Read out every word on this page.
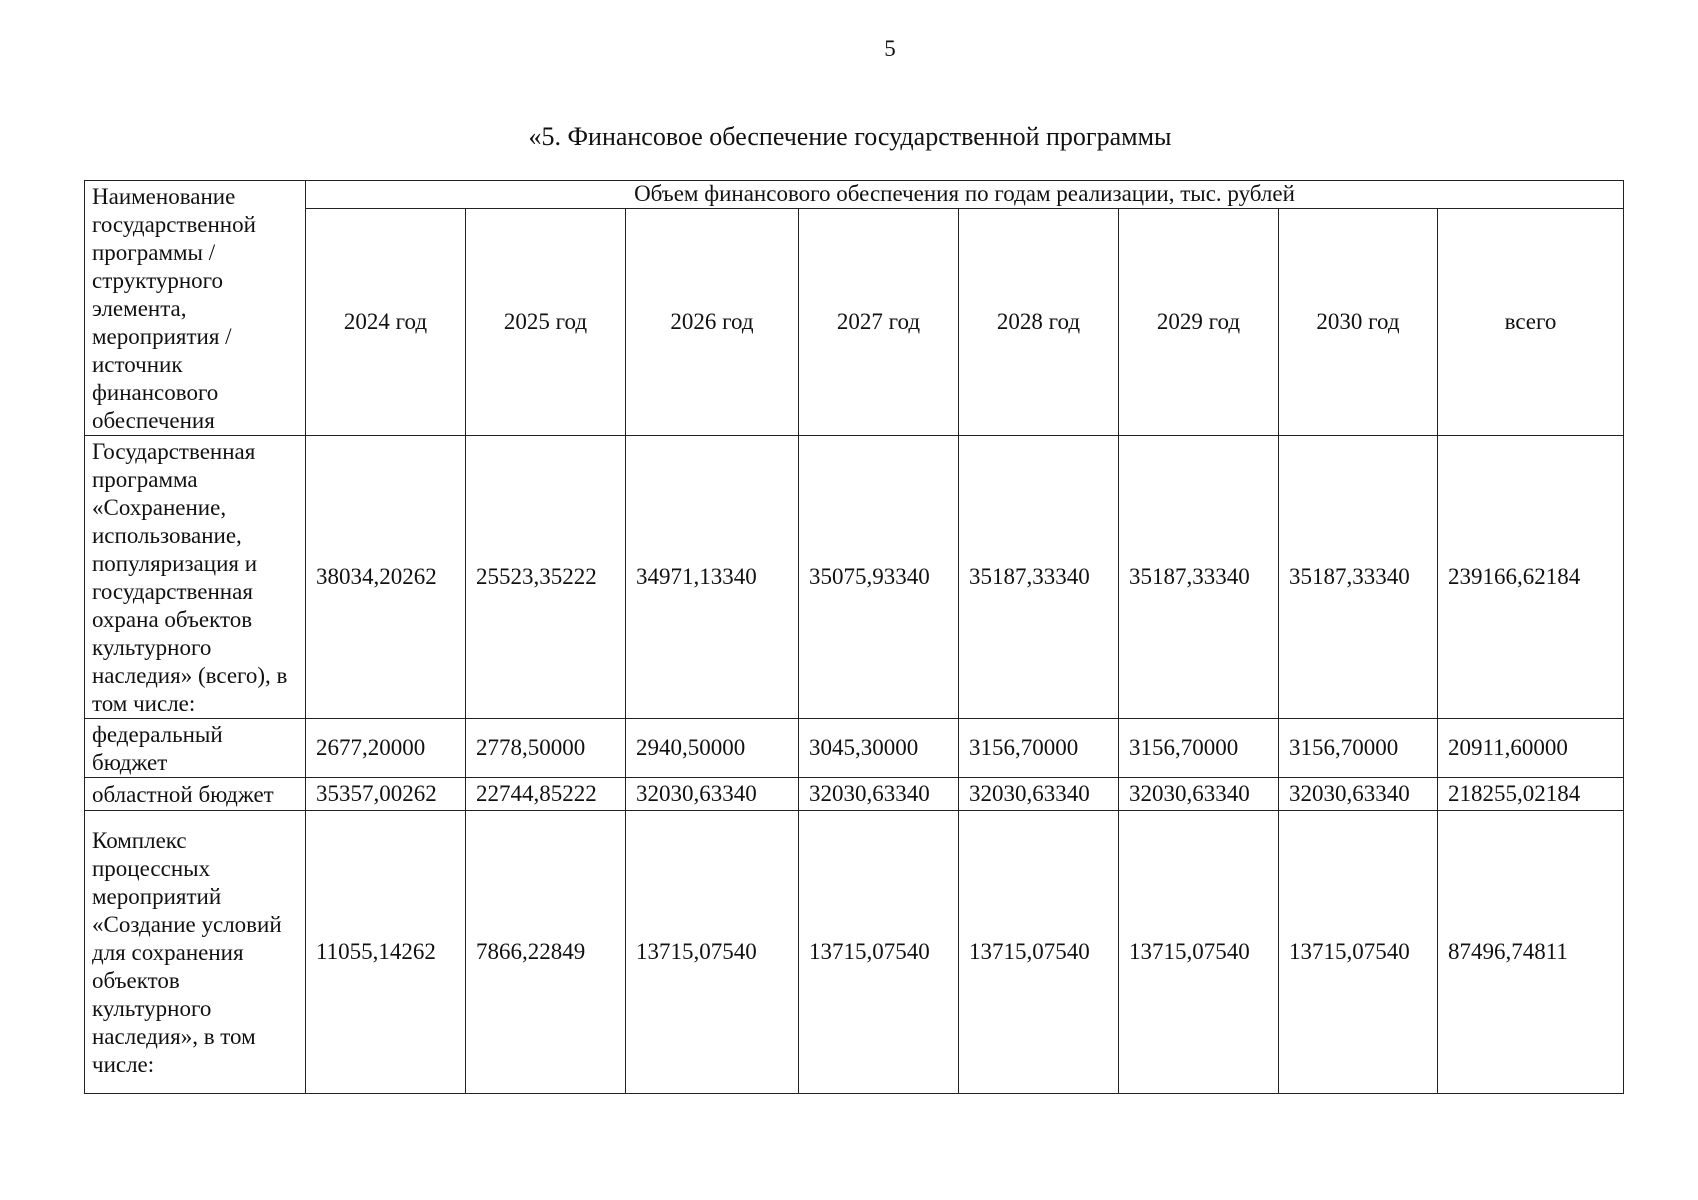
5
«5. Финансовое обеспечение государственной программы
Наименование государственной программы / структурного элемента, мероприятия / источник финансового обеспечения	Объем финансового обеспечения по годам реализации, тыс. рублей							
	2024 год	2025 год	2026 год	2027 год	2028 год	2029 год	2030 год	всего
Государственная программа «Сохранение, использование, популяризация и государственная охрана объектов культурного наследия» (всего), в том числе:	38034,20262	25523,35222	34971,13340	35075,93340	35187,33340	35187,33340	35187,33340	239166,62184
федеральный бюджет	2677,20000	2778,50000	2940,50000	3045,30000	3156,70000	3156,70000	3156,70000	20911,60000
областной бюджет	35357,00262	22744,85222	32030,63340	32030,63340	32030,63340	32030,63340	32030,63340	218255,02184
Комплекс процессных мероприятий «Создание условий для сохранения объектов культурного наследия», в том числе:	11055,14262	7866,22849	13715,07540	13715,07540	13715,07540	13715,07540	13715,07540	87496,74811
